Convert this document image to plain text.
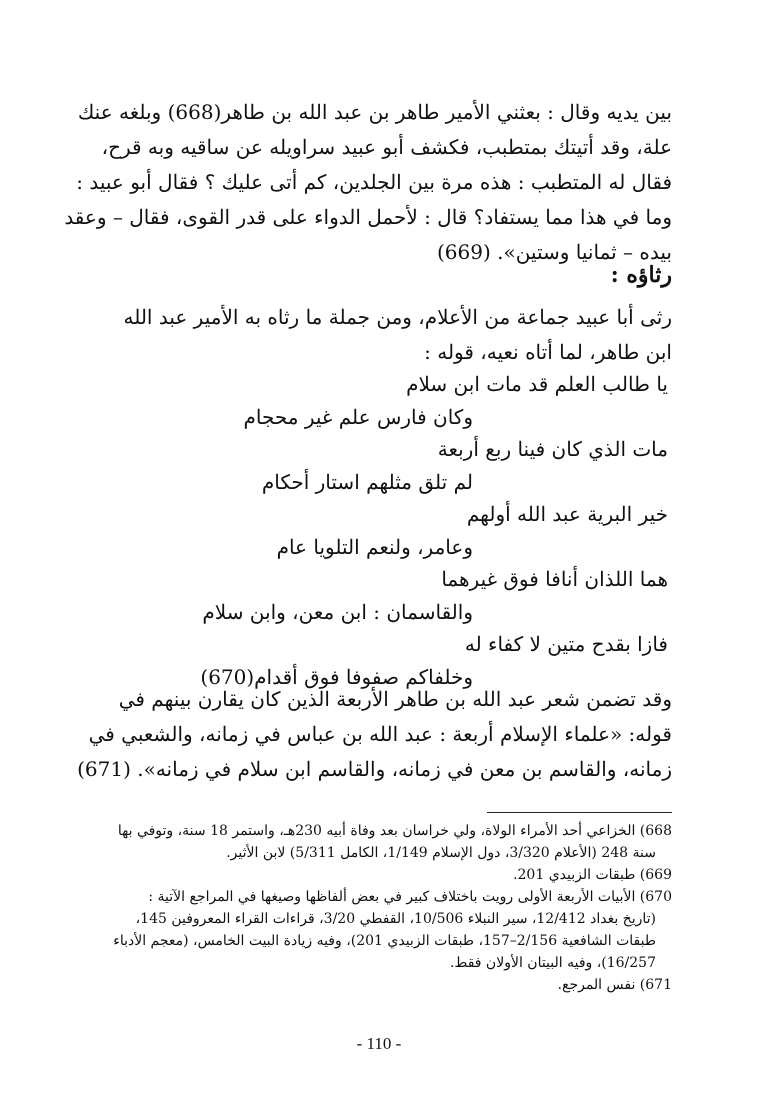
بين يديه وقال : بعثني الأمير طاهر بن عبد الله بن طاهر(668) وبلغه عنك
علة، وقد أتيتك بمتطبب، فكشف أبو عبيد سراويله عن ساقيه وبه قرح،
فقال له المتطبب : هذه مرة بين الجلدين، كم أتى عليك ؟ فقال أبو عبيد :
وما في هذا مما يستفاد؟ قال : لأحمل الدواء على قدر القوى، فقال – وعقد
بيده – ثمانيا وستين». (669)
رثاؤه :
رثى أبا عبيد جماعة من الأعلام، ومن جملة ما رثاه به الأمير عبد الله
ابن طاهر، لما أتاه نعيه، قوله :
يا طالب العلم قد مات ابن سلام
وكان فارس علم غير محجام
مات الذي كان فينا ربع أربعة
لم تلق مثلهم استار أحكام
خير البرية عبد الله أولهم
وعامر، ولنعم التلويا عام
هما اللذان أنافا فوق غيرهما
والقاسمان : ابن معن، وابن سلام
فازا بقدح متين لا كفاء له
وخلفاكم صفوفا فوق أقدام(670)
وقد تضمن شعر عبد الله بن طاهر الأربعة الذين كان يقارن بينهم في
قوله: «علماء الإسلام أربعة : عبد الله بن عباس في زمانه، والشعبي في
زمانه، والقاسم بن معن في زمانه، والقاسم ابن سلام في زمانه». (671)
668) الخزاعي أحد الأمراء الولاة، ولي خراسان بعد وفاة أبيه 230هـ، واستمر 18 سنة، وتوفي بها
سنة 248 (الأعلام 3/320، دول الإسلام 1/149، الكامل 5/311) لابن الأثير.
669) طبقات الزبيدي 201.
670) الأبيات الأربعة الأولى رويت باختلاف كبير في بعض ألفاظها وصيغها في المراجع الآتية :
(تاريخ بغداد 12/412، سير النبلاء 10/506، القفطي 3/20، قراءات القراء المعروفين 145،
طبقات الشافعية 2/156–157، طبقات الزبيدي 201)، وفيه زيادة البيت الخامس، (معجم الأدباء
16/257)، وفيه البيتان الأولان فقط.
671) نفس المرجع.
- 110 -
